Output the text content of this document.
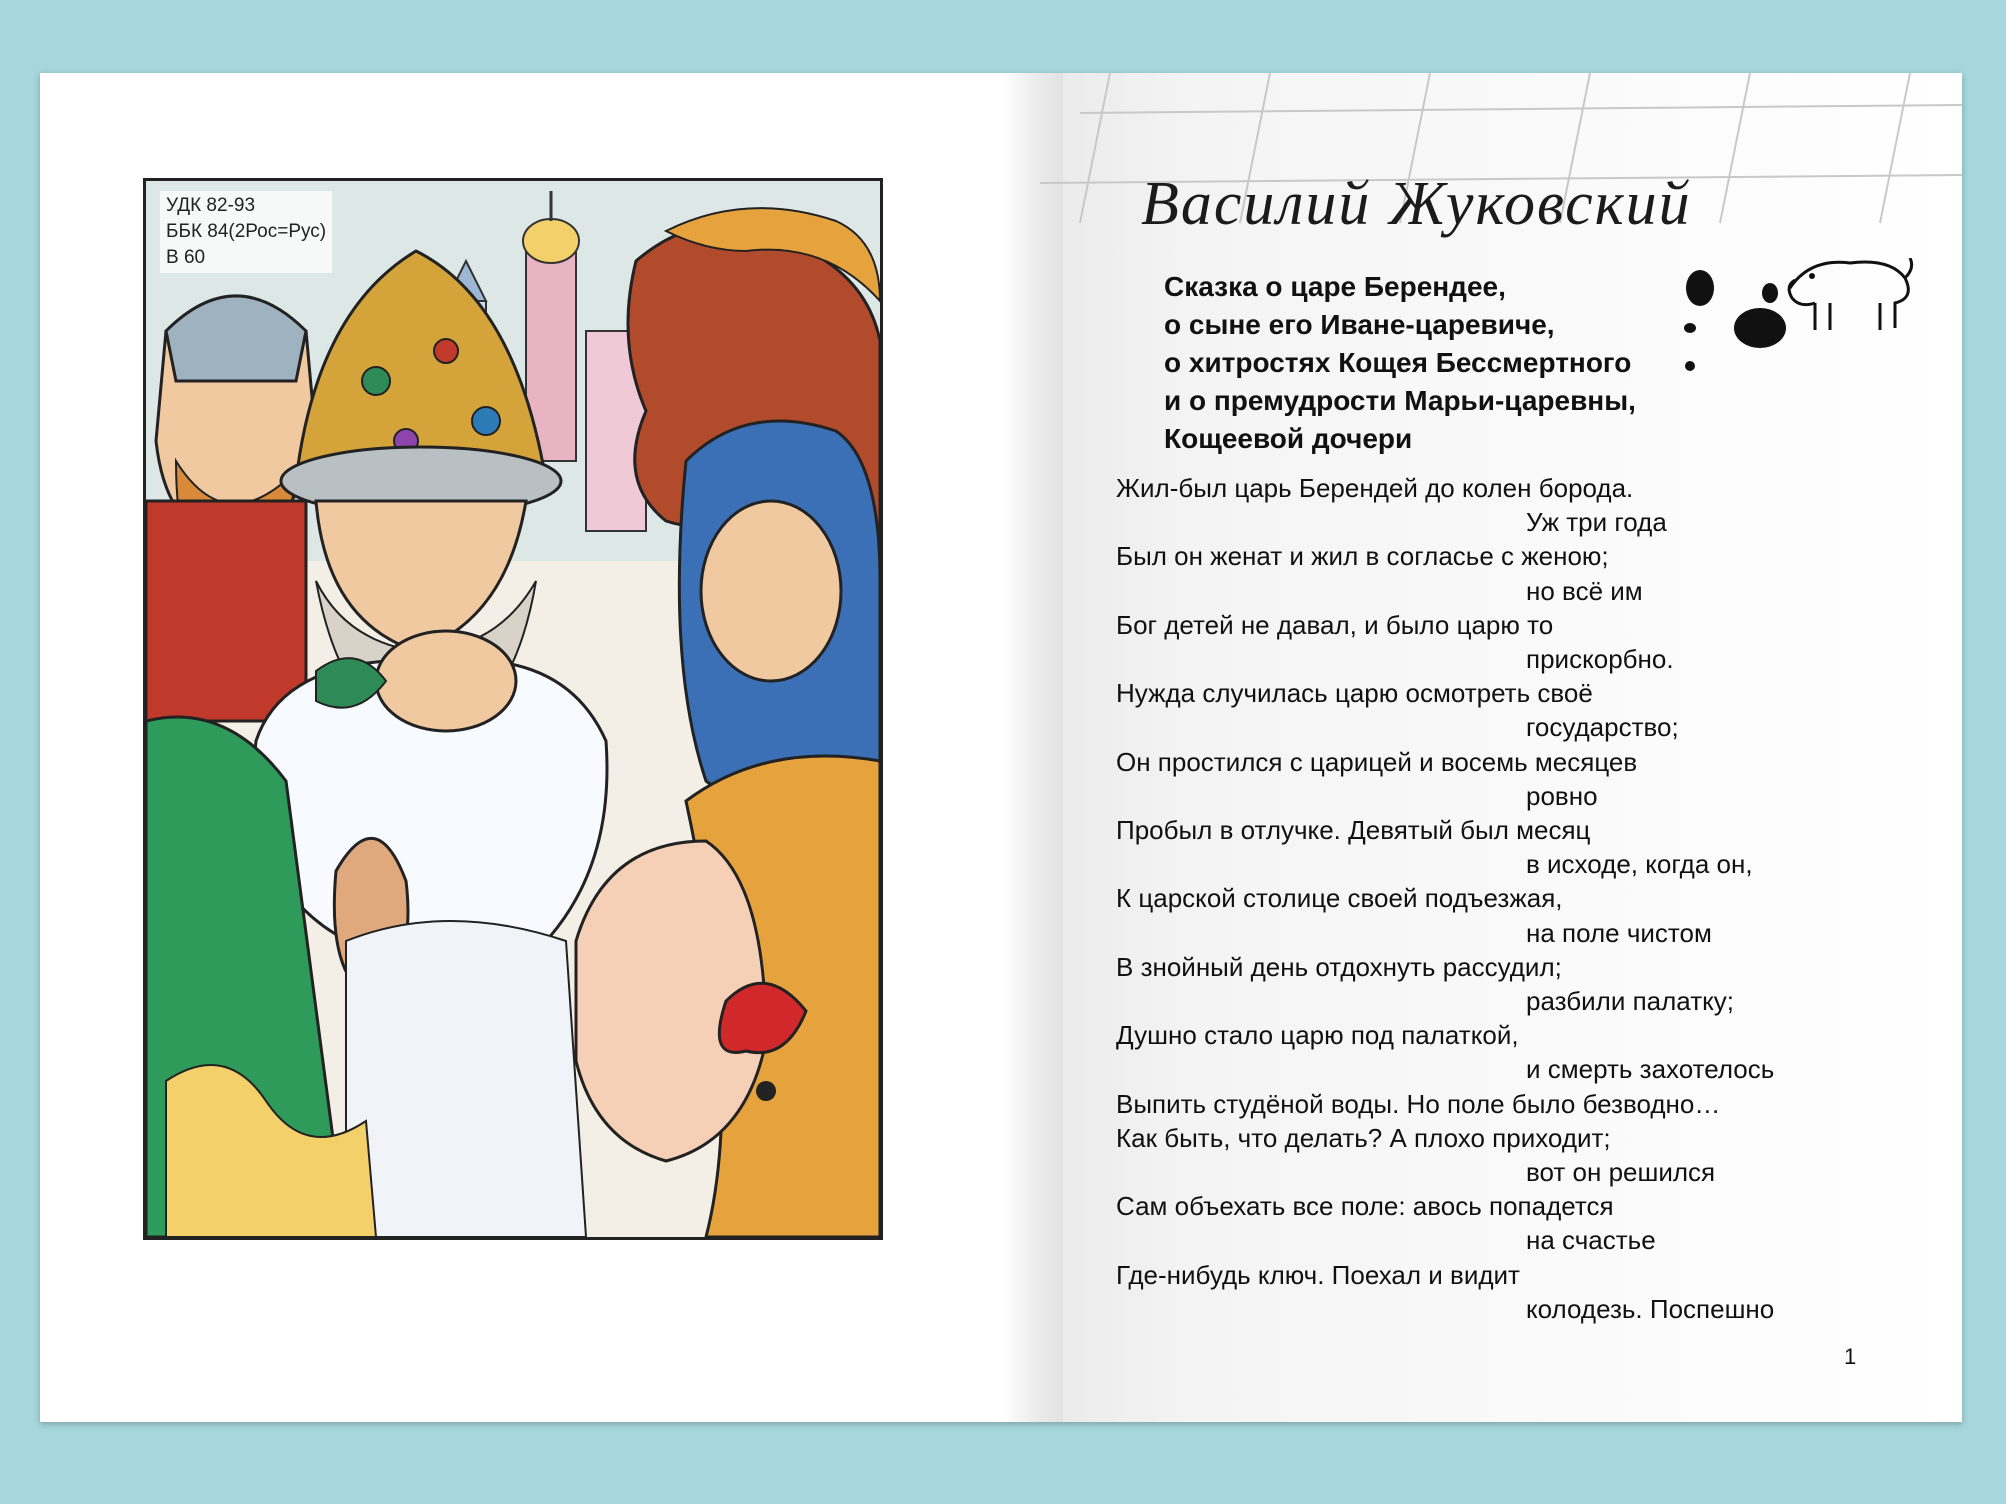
УДК 82-93
ББК 84(2Рос=Рус)
В 60
Василий Жуковский
Сказка о царе Берендее,
о сыне его Иване-царевиче,
о хитростях Кощея Бессмертного
и о премудрости Марьи-царевны,
Кощеевой дочери
Жил-был царь Берендей до колен борода.
Уж три года
Был он женат и жил в согласье с женою;
но всё им
Бог детей не давал, и было царю то
прискорбно.
Нужда случилась царю осмотреть своё
государство;
Он простился с царицей и восемь месяцев
ровно
Пробыл в отлучке. Девятый был месяц
в исходе, когда он,
К царской столице своей подъезжая,
на поле чистом
В знойный день отдохнуть рассудил;
разбили палатку;
Душно стало царю под палаткой,
и смерть захотелось
Выпить студёной воды. Но поле было безводно…
Как быть, что делать? А плохо приходит;
вот он решился
Сам объехать все поле: авось попадется
на счастье
Где-нибудь ключ. Поехал и видит
колодезь. Поспешно
1
